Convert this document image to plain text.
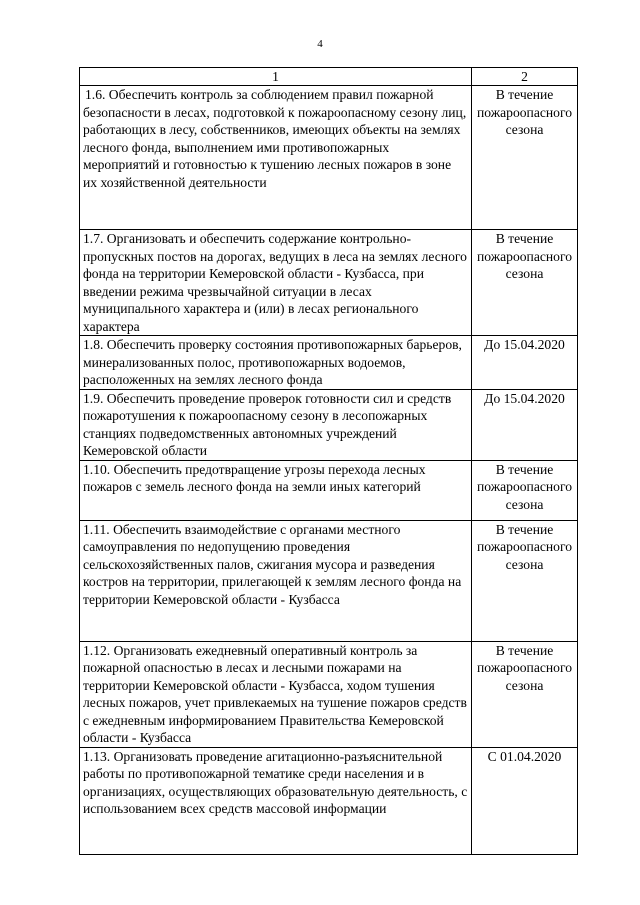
4
1	2
1.6. Обеспечить контроль за соблюдением правил пожарной безопасности в лесах, подготовкой к пожароопасному сезону лиц, работающих в лесу, собственников, имеющих объекты на землях лесного фонда, выполнением ими противопожарных мероприятий и готовностью к тушению лесных пожаров в зоне их хозяйственной деятельности	В течение пожароопасного сезона
1.7. Организовать и обеспечить содержание контрольно-пропускных постов на дорогах, ведущих в леса на землях лесного фонда на территории Кемеровской области - Кузбасса, при введении режима чрезвычайной ситуации в лесах муниципального характера и (или) в лесах регионального характера	В течение пожароопасного сезона
1.8. Обеспечить проверку состояния противопожарных барьеров, минерализованных полос, противопожарных водоемов, расположенных на землях лесного фонда	До 15.04.2020
1.9. Обеспечить проведение проверок готовности сил и средств пожаротушения к пожароопасному сезону в лесопожарных станциях подведомственных автономных учреждений Кемеровской области	До 15.04.2020
1.10. Обеспечить предотвращение угрозы перехода лесных пожаров с земель лесного фонда на земли иных категорий	В течение пожароопасного сезона
1.11. Обеспечить взаимодействие с органами местного самоуправления по недопущению проведения сельскохозяйственных палов, сжигания мусора и разведения костров на территории, прилегающей к землям лесного фонда на территории Кемеровской области - Кузбасса	В течение пожароопасного сезона
1.12. Организовать ежедневный оперативный контроль за пожарной опасностью в лесах и лесными пожарами на территории Кемеровской области - Кузбасса, ходом тушения лесных пожаров, учет привлекаемых на тушение пожаров средств с ежедневным информированием Правительства Кемеровской области - Кузбасса	В течение пожароопасного сезона
1.13. Организовать проведение агитационно-разъяснительной работы по противопожарной тематике среди населения и в организациях, осуществляющих образовательную деятельность, с использованием всех средств массовой информации	С 01.04.2020
